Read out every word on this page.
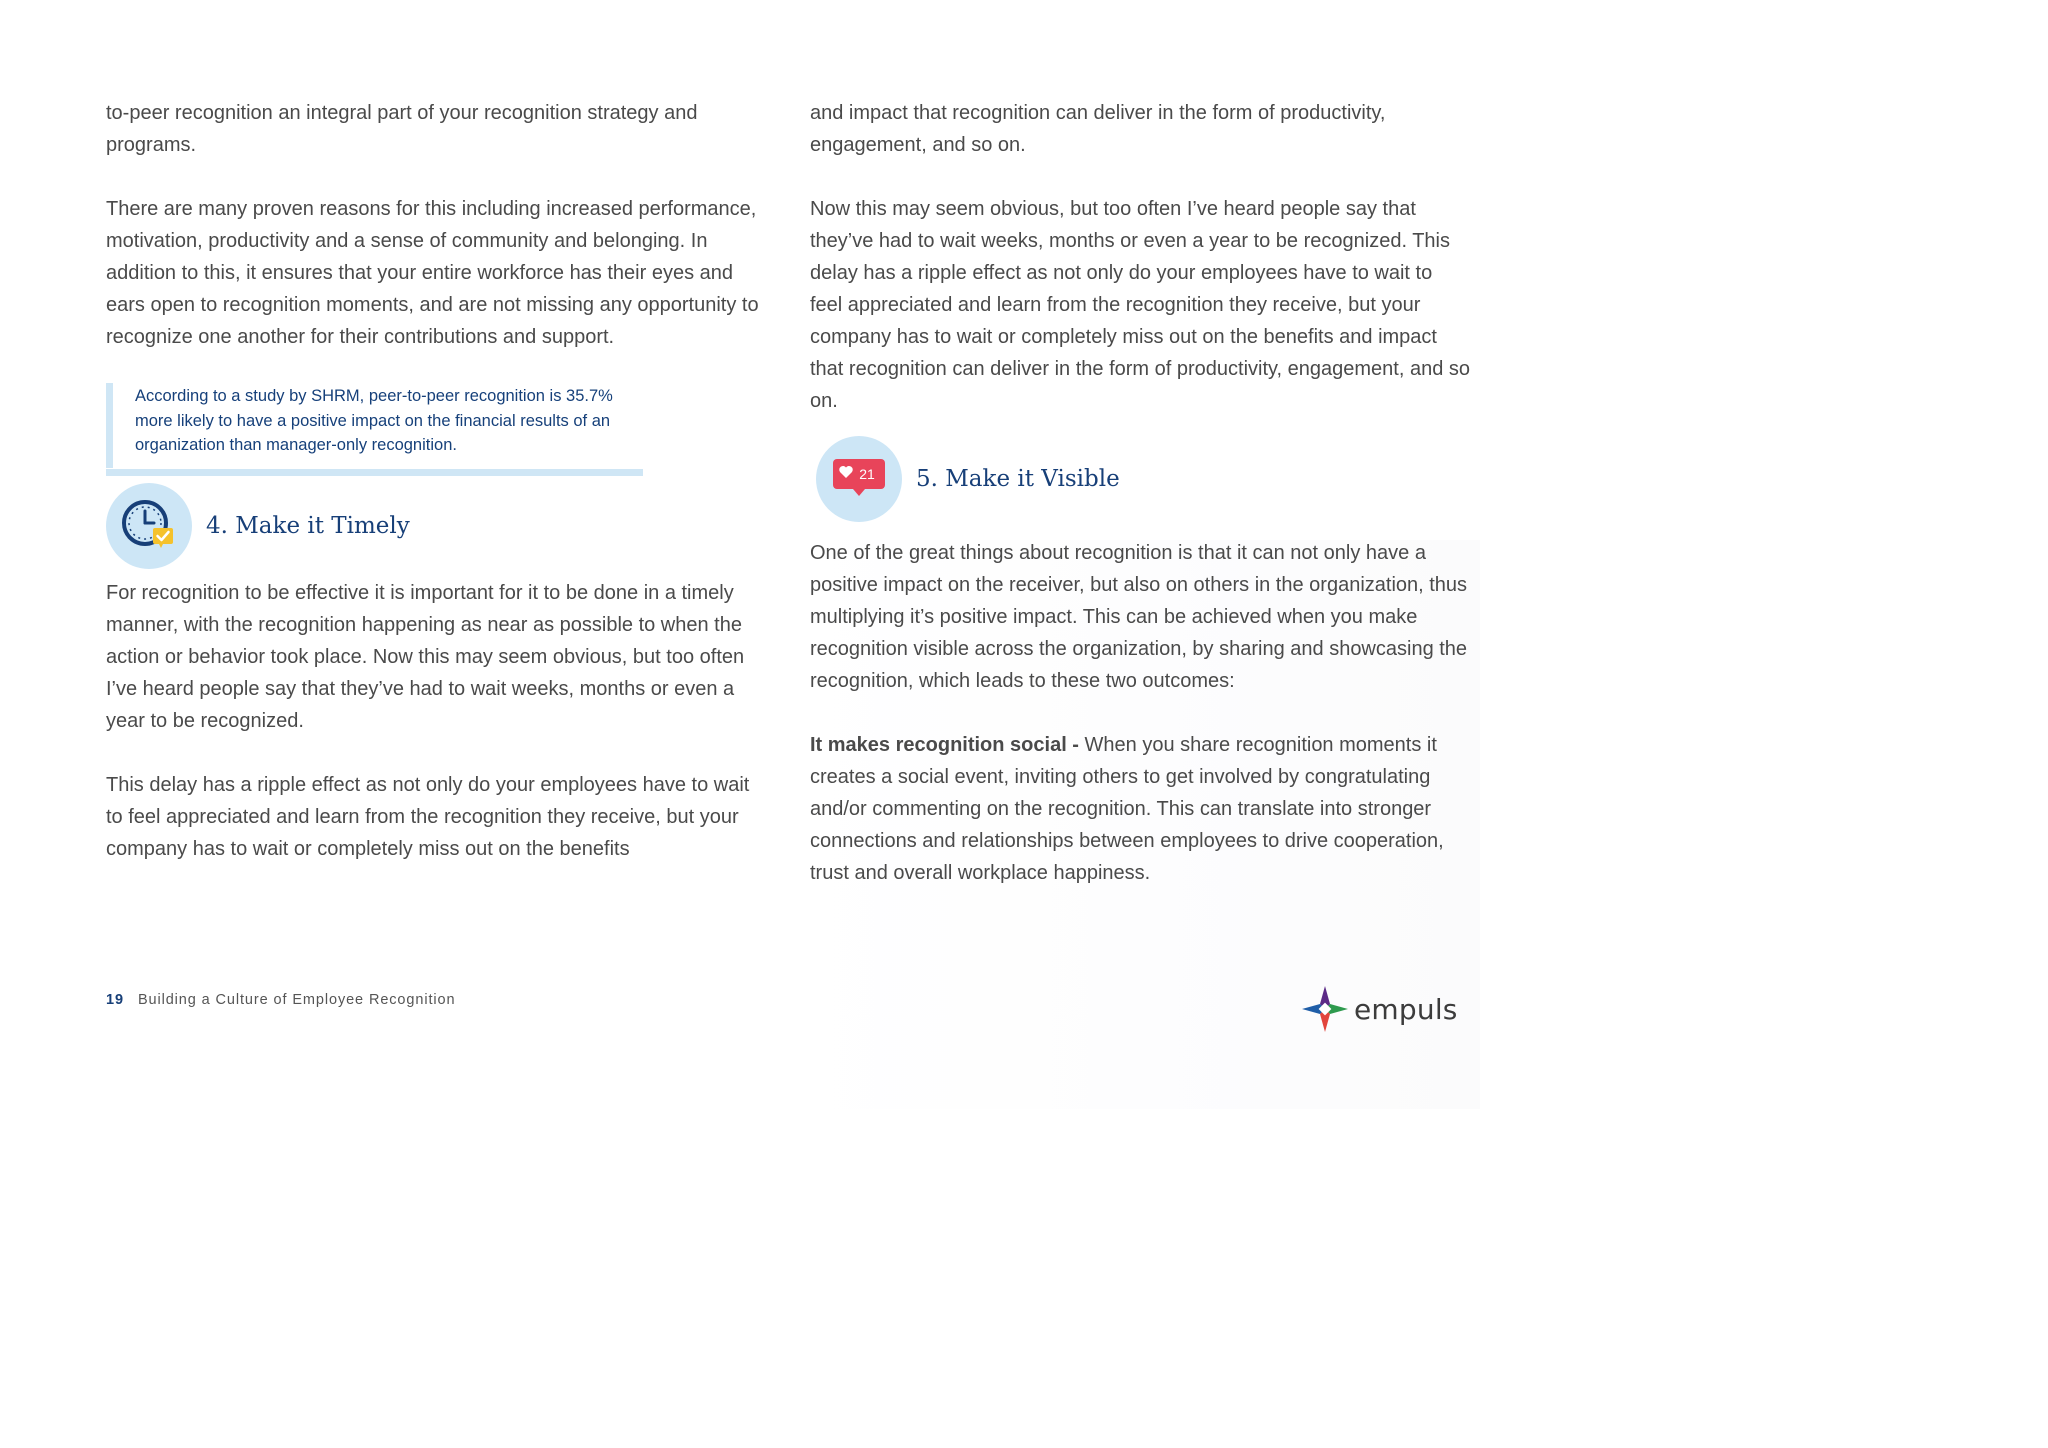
to-peer recognition an integral part of your recognition strategy and programs.

There are many proven reasons for this including increased performance, motivation, productivity and a sense of community and belonging. In addition to this, it ensures that your entire workforce has their eyes and ears open to recognition moments, and are not missing any opportunity to recognize one another for their contributions and support.

According to a study by SHRM, peer-to-peer recognition is 35.7% more likely to have a positive impact on the financial results of an organization than manager-only recognition.
4. Make it Timely

For recognition to be effective it is important for it to be done in a timely manner, with the recognition happening as near as possible to when the action or behavior took place. Now this may seem obvious, but too often I’ve heard people say that they’ve had to wait weeks, months or even a year to be recognized.

This delay has a ripple effect as not only do your employees have to wait to feel appreciated and learn from the recognition they receive, but your company has to wait or completely miss out on the benefits

and impact that recognition can deliver in the form of productivity, engagement, and so on.

Now this may seem obvious, but too often I’ve heard people say that they’ve had to wait weeks, months or even a year to be recognized. This delay has a ripple effect as not only do your employees have to wait to feel appreciated and learn from the recognition they receive, but your company has to wait or completely miss out on the benefits and impact that recognition can deliver in the form of productivity, engagement, and so on.

21 5. Make it Visible

One of the great things about recognition is that it can not only have a positive impact on the receiver, but also on others in the organization, thus multiplying it’s positive impact. This can be achieved when you make recognition visible across the organization, by sharing and showcasing the recognition, which leads to these two outcomes:

It makes recognition social - When you share recognition moments it creates a social event, inviting others to get involved by congratulating and/or commenting on the recognition. This can translate into stronger connections and relationships between employees to drive cooperation, trust and overall workplace happiness.

19 Building a Culture of Employee Recognition	empuls
